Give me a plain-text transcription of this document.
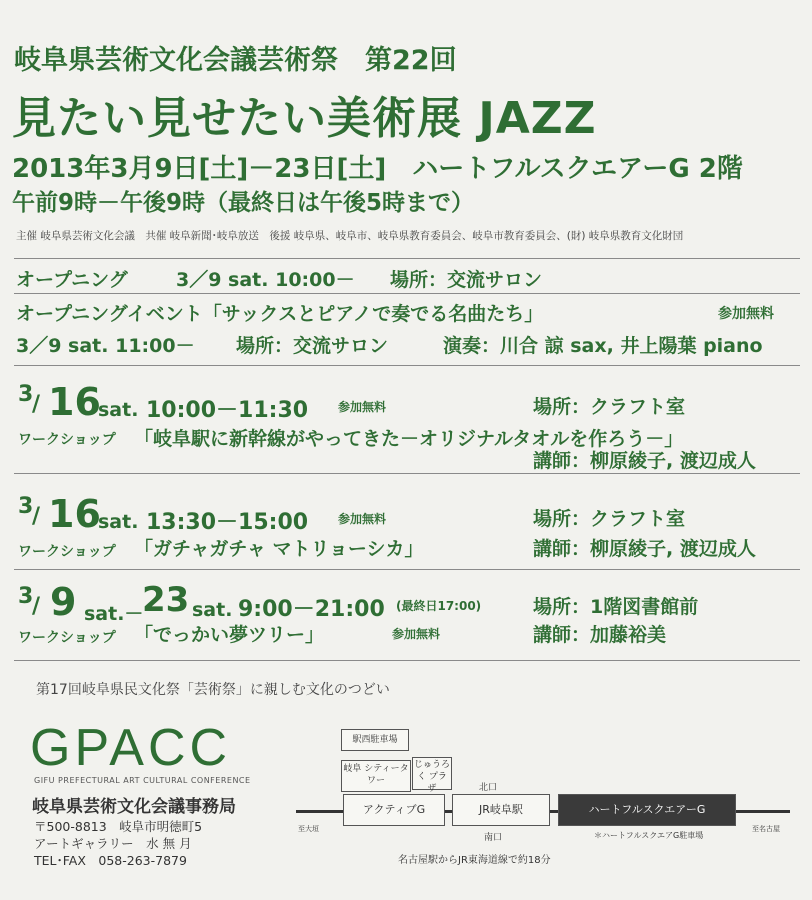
岐阜県芸術文化会議芸術祭　第22回
見たい見せたい美術展 JAZZ
2013年3月9日[土]－23日[土]　ハートフルスクエアーG 2階
午前9時－午後9時（最終日は午後5時まで）
主催 岐阜県芸術文化会議　共催 岐阜新聞･岐阜放送　後援 岐阜県、岐阜市、岐阜県教育委員会、岐阜市教育委員会、(財) 岐阜県教育文化財団
オープニング	3／9 sat. 10:00－ 場所：交流サロン
オープニングイベント「サックスとピアノで奏でる名曲たち」	参加無料
3／9 sat. 11:00－ 場所：交流サロン	演奏：川合 諒 sax, 井上陽葉 piano
3
/ 16
sat. 10:00－11:30 参加無料	場所：クラフト室
ワークショップ 「岐阜駅に新幹線がやってきた－オリジナルタオルを作ろう－」
講師：柳原綾子, 渡辺成人
3
/ 16
sat. 13:30－15:00 参加無料	場所：クラフト室
ワークショップ 「ガチャガチャ マトリョーシカ」	講師：柳原綾子, 渡辺成人
3
/ 9 sat.－
23 sat. 9:00－21:00 (最終日17:00)	場所：1階図書館前
ワークショップ 「でっかい夢ツリー」	参加無料	講師：加藤裕美
第17回岐阜県民文化祭「芸術祭」に親しむ文化のつどい
GPACC
GIFU PREFECTURAL ART CULTURAL CONFERENCE
岐阜県芸術文化会議事務局
〒500-8813　岐阜市明徳町5
アートギャラリー　水 無 月
TEL･FAX　058-263-7879
駅西駐車場
岐阜 シティータワー
じゅうろく プラザ	北口
アクティブG	JR岐阜駅	ハートフルスクエアーG
至大垣	至名古屋
南口	＊ハートフルスクエアG駐車場
名古屋駅からJR東海道線で約18分
